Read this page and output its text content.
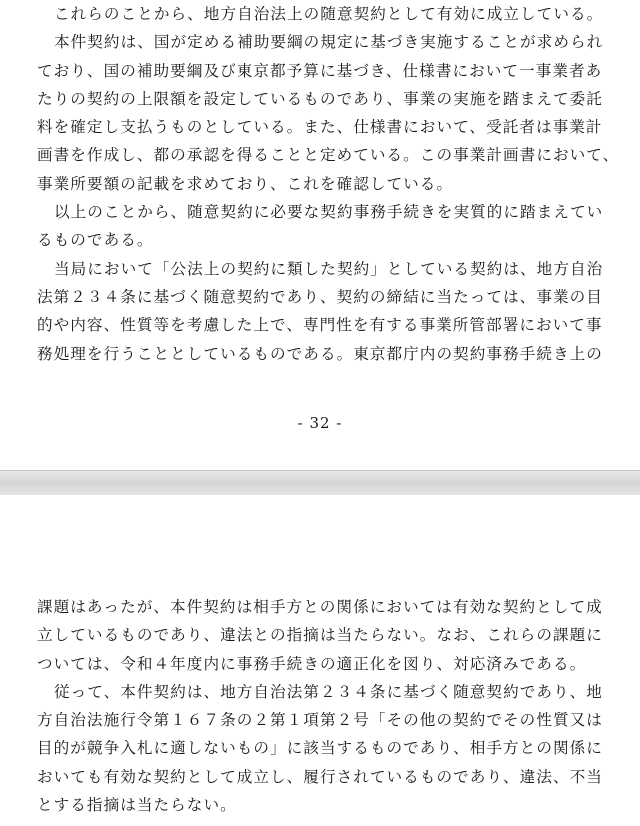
これらのことから、地方自治法上の随意契約として有効に成立している。
本件契約は、国が定める補助要綱の規定に基づき実施することが求められ
ており、国の補助要綱及び東京都予算に基づき、仕様書において一事業者あ
たりの契約の上限額を設定しているものであり、事業の実施を踏まえて委託
料を確定し支払うものとしている。また、仕様書において、受託者は事業計
画書を作成し、都の承認を得ることと定めている。この事業計画書において、
事業所要額の記載を求めており、これを確認している。
以上のことから、随意契約に必要な契約事務手続きを実質的に踏まえてい
るものである。
当局において「公法上の契約に類した契約」としている契約は、地方自治
法第２３４条に基づく随意契約であり、契約の締結に当たっては、事業の目
的や内容、性質等を考慮した上で、専門性を有する事業所管部署において事
務処理を行うこととしているものである。東京都庁内の契約事務手続き上の
- 32 -
課題はあったが、本件契約は相手方との関係においては有効な契約として成
立しているものであり、違法との指摘は当たらない。なお、これらの課題に
ついては、令和４年度内に事務手続きの適正化を図り、対応済みである。
従って、本件契約は、地方自治法第２３４条に基づく随意契約であり、地
方自治法施行令第１６７条の２第１項第２号「その他の契約でその性質又は
目的が競争入札に適しないもの」に該当するものであり、相手方との関係に
おいても有効な契約として成立し、履行されているものであり、違法、不当
とする指摘は当たらない。
